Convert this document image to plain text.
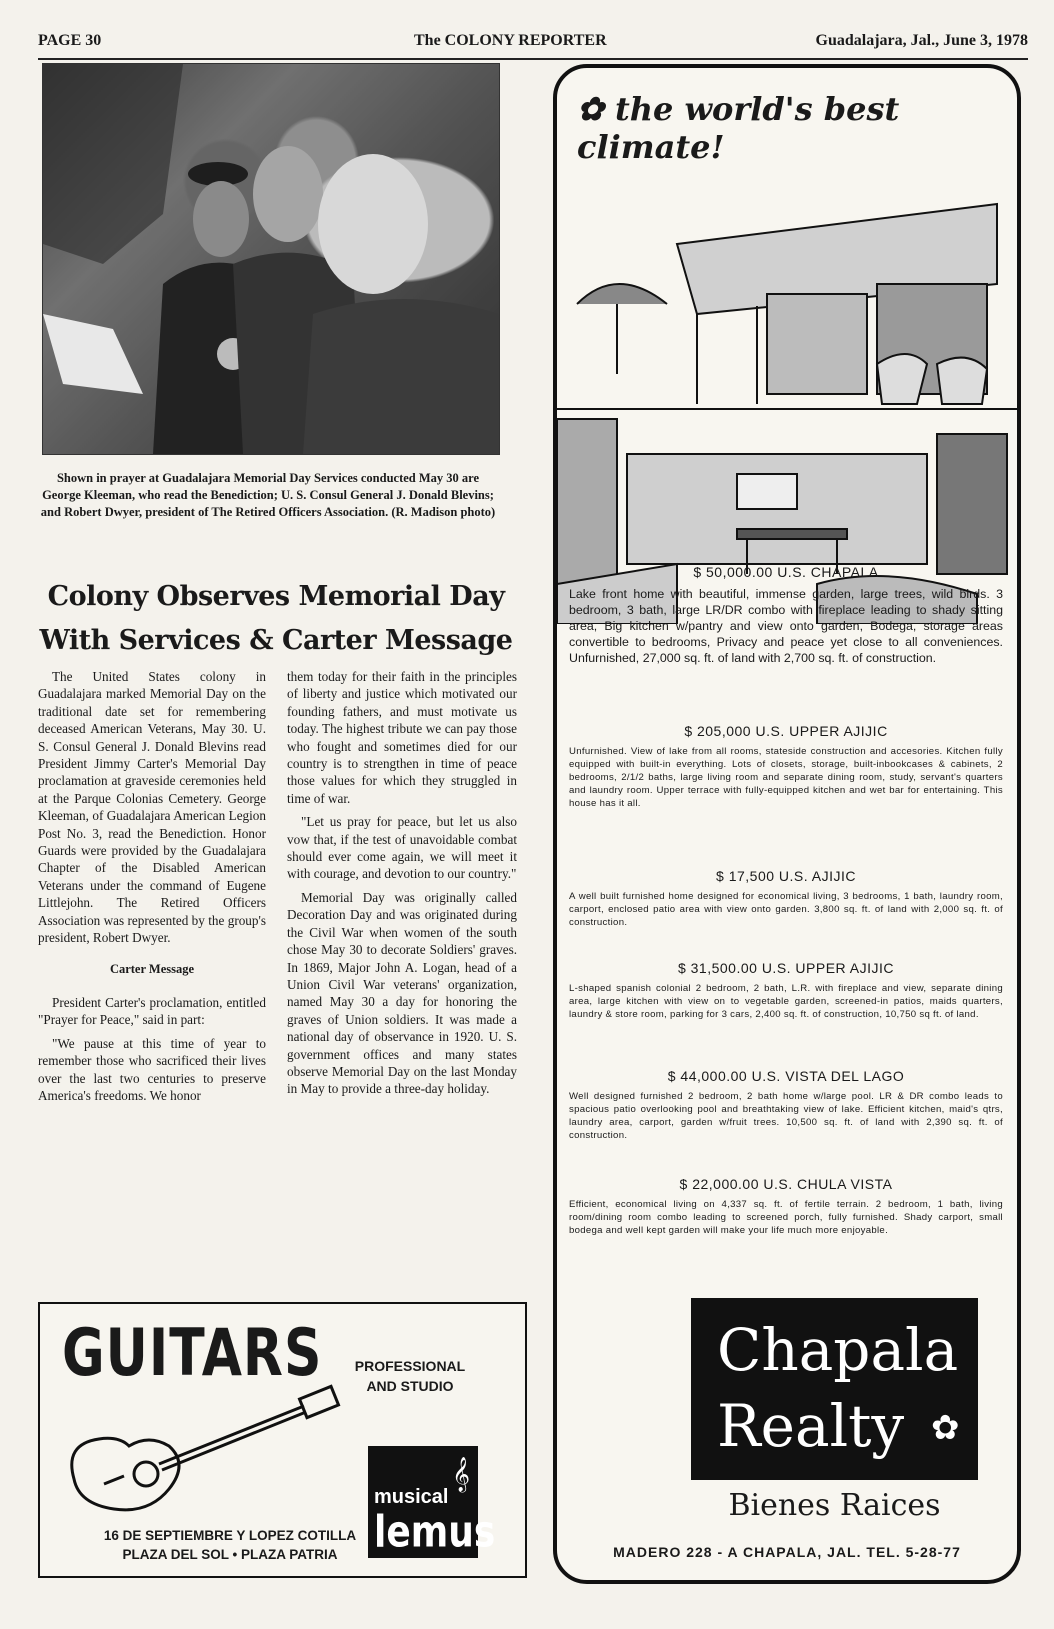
PAGE 30	The COLONY REPORTER	Guadalajara, Jal., June 3, 1978
Shown in prayer at Guadalajara Memorial Day Services conducted May 30 are George Kleeman, who read the Benediction; U. S. Consul General J. Donald Blevins; and Robert Dwyer, president of The Retired Officers Association. (R. Madison photo)
Colony Observes Memorial Day
With Services & Carter Message

The United States colony in Guadalajara marked Memorial Day on the traditional date set for remembering deceased American Veterans, May 30. U. S. Consul General J. Donald Blevins read President Jimmy Carter's Memorial Day proclamation at graveside ceremonies held at the Parque Colonias Cemetery. George Kleeman, of Guadalajara American Legion Post No. 3, read the Benediction. Honor Guards were provided by the Guadalajara Chapter of the Disabled American Veterans under the command of Eugene Littlejohn. The Retired Officers Association was represented by the group's president, Robert Dwyer.

Carter Message

President Carter's proclamation, entitled "Prayer for Peace," said in part:

"We pause at this time of year to remember those who sacrificed their lives over the last two centuries to preserve America's freedoms. We honor

them today for their faith in the principles of liberty and justice which motivated our founding fathers, and must motivate us today. The highest tribute we can pay those who fought and sometimes died for our country is to strengthen in time of peace those values for which they struggled in time of war.

"Let us pray for peace, but let us also vow that, if the test of unavoidable combat should ever come again, we will meet it with courage, and devotion to our country."

Memorial Day was originally called Decoration Day and was originated during the Civil War when women of the south chose May 30 to decorate Soldiers' graves. In 1869, Major John A. Logan, head of a Union Civil War veterans' organization, named May 30 a day for honoring the graves of Union soldiers. It was made a national day of observance in 1920. U. S. government offices and many states observe Memorial Day on the last Monday in May to provide a three-day holiday.

GUITARS	PROFESSIONAL
AND STUDIO
16 DE SEPTIEMBRE Y LOPEZ COTILLA
PLAZA DEL SOL • PLAZA PATRIA
𝄞
musical
lemus
✿ the world's best climate!
$ 50,000.00 U.S. CHAPALA
Lake front home with beautiful, immense garden, large trees, wild birds. 3 bedroom, 3 bath, large LR/DR combo with fireplace leading to shady sitting area, Big kitchen w/pantry and view onto garden, Bodega, storage areas convertible to bedrooms, Privacy and peace yet close to all conveniences. Unfurnished, 27,000 sq. ft. of land with 2,700 sq. ft. of construction.
$ 205,000 U.S. UPPER AJIJIC
Unfurnished. View of lake from all rooms, stateside construction and accesories. Kitchen fully equipped with built-in everything. Lots of closets, storage, built-inbookcases & cabinets, 2 bedrooms, 2/1/2 baths, large living room and separate dining room, study, servant's quarters and laundry room. Upper terrace with fully-equipped kitchen and wet bar for entertaining. This house has it all.
$ 17,500 U.S. AJIJIC
A well built furnished home designed for economical living, 3 bedrooms, 1 bath, laundry room, carport, enclosed patio area with view onto garden. 3,800 sq. ft. of land with 2,000 sq. ft. of construction.
$ 31,500.00 U.S. UPPER AJIJIC
L-shaped spanish colonial 2 bedroom, 2 bath, L.R. with fireplace and view, separate dining area, large kitchen with view on to vegetable garden, screened-in patios, maids quarters, laundry & store room, parking for 3 cars, 2,400 sq. ft. of construction, 10,750 sq ft. of land.
$ 44,000.00 U.S. VISTA DEL LAGO
Well designed furnished 2 bedroom, 2 bath home w/large pool. LR & DR combo leads to spacious patio overlooking pool and breathtaking view of lake. Efficient kitchen, maid's qtrs, laundry area, carport, garden w/fruit trees. 10,500 sq. ft. of land with 2,390 sq. ft. of construction.
$ 22,000.00 U.S. CHULA VISTA
Efficient, economical living on 4,337 sq. ft. of fertile terrain. 2 bedroom, 1 bath, living room/dining room combo leading to screened porch, fully furnished. Shady carport, small bodega and well kept garden will make your life much more enjoyable.
Chapala
Realty ✿
Bienes Raices
MADERO 228 - A CHAPALA, JAL. TEL. 5-28-77
